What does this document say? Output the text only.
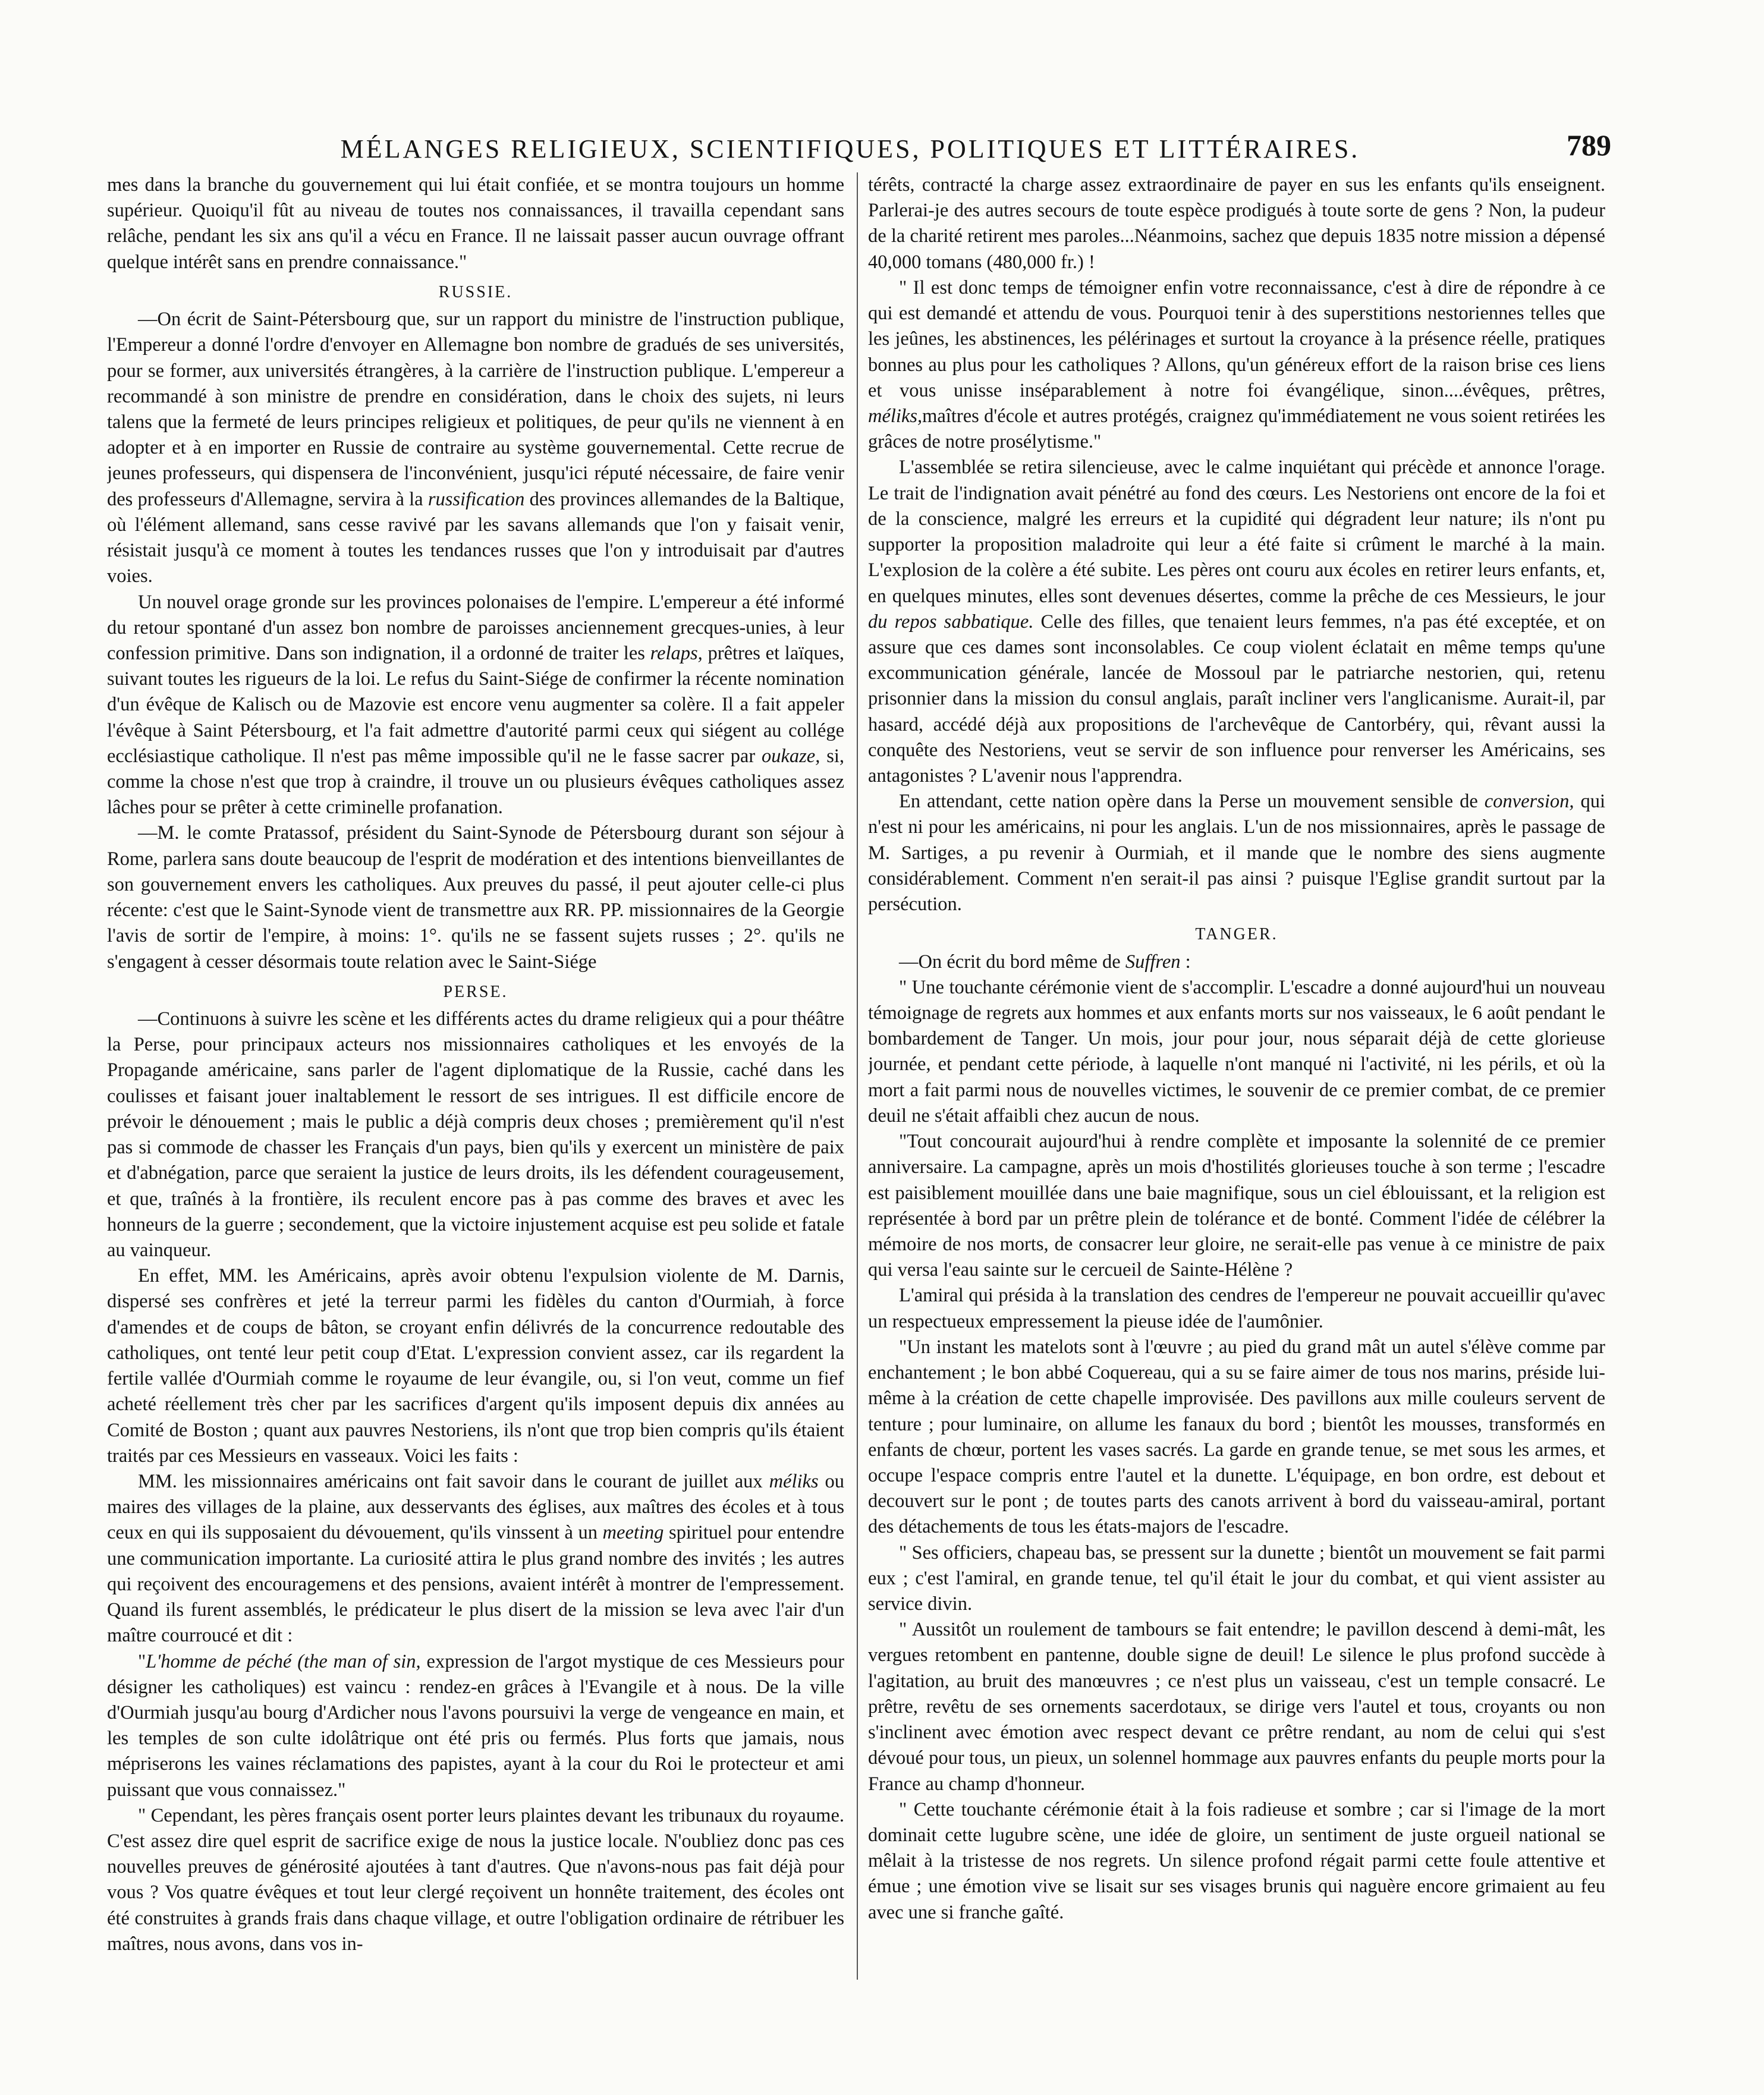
MÉLANGES RELIGIEUX, SCIENTIFIQUES, POLITIQUES ET LITTÉRAIRES.	789

mes dans la branche du gouvernement qui lui était confiée, et se montra toujours un homme supérieur. Quoiqu'il fût au niveau de toutes nos connaissances, il travailla cependant sans relâche, pendant les six ans qu'il a vécu en France. Il ne laissait passer aucun ouvrage offrant quelque intérêt sans en prendre connaissance."

RUSSIE.

—On écrit de Saint-Pétersbourg que, sur un rapport du ministre de l'instruction publique, l'Empereur a donné l'ordre d'envoyer en Allemagne bon nombre de gradués de ses universités, pour se former, aux universités étrangères, à la carrière de l'instruction publique. L'empereur a recommandé à son ministre de prendre en considération, dans le choix des sujets, ni leurs talens que la fermeté de leurs principes religieux et politiques, de peur qu'ils ne viennent à en adopter et à en importer en Russie de contraire au système gouvernemental. Cette recrue de jeunes professeurs, qui dispensera de l'inconvénient, jusqu'ici réputé nécessaire, de faire venir des professeurs d'Allemagne, servira à la russification des provinces allemandes de la Baltique, où l'élément allemand, sans cesse ravivé par les savans allemands que l'on y faisait venir, résistait jusqu'à ce moment à toutes les tendances russes que l'on y introduisait par d'autres voies.

Un nouvel orage gronde sur les provinces polonaises de l'empire. L'empereur a été informé du retour spontané d'un assez bon nombre de paroisses anciennement grecques-unies, à leur confession primitive. Dans son indignation, il a ordonné de traiter les relaps, prêtres et laïques, suivant toutes les rigueurs de la loi. Le refus du Saint-Siége de confirmer la récente nomination d'un évêque de Kalisch ou de Mazovie est encore venu augmenter sa colère. Il a fait appeler l'évêque à Saint Pétersbourg, et l'a fait admettre d'autorité parmi ceux qui siégent au collége ecclésiastique catholique. Il n'est pas même impossible qu'il ne le fasse sacrer par oukaze, si, comme la chose n'est que trop à craindre, il trouve un ou plusieurs évêques catholiques assez lâches pour se prêter à cette criminelle profanation.

—M. le comte Pratassof, président du Saint-Synode de Pétersbourg durant son séjour à Rome, parlera sans doute beaucoup de l'esprit de modération et des intentions bienveillantes de son gouvernement envers les catholiques. Aux preuves du passé, il peut ajouter celle-ci plus récente: c'est que le Saint-Synode vient de transmettre aux RR. PP. missionnaires de la Georgie l'avis de sortir de l'empire, à moins: 1°. qu'ils ne se fassent sujets russes ; 2°. qu'ils ne s'engagent à cesser désormais toute relation avec le Saint-Siége

PERSE.

—Continuons à suivre les scène et les différents actes du drame religieux qui a pour théâtre la Perse, pour principaux acteurs nos missionnaires catholiques et les envoyés de la Propagande américaine, sans parler de l'agent diplomatique de la Russie, caché dans les coulisses et faisant jouer inaltablement le ressort de ses intrigues. Il est difficile encore de prévoir le dénouement ; mais le public a déjà compris deux choses ; premièrement qu'il n'est pas si commode de chasser les Français d'un pays, bien qu'ils y exercent un ministère de paix et d'abnégation, parce que seraient la justice de leurs droits, ils les défendent courageusement, et que, traînés à la frontière, ils reculent encore pas à pas comme des braves et avec les honneurs de la guerre ; secondement, que la victoire injustement acquise est peu solide et fatale au vainqueur.

En effet, MM. les Américains, après avoir obtenu l'expulsion violente de M. Darnis, dispersé ses confrères et jeté la terreur parmi les fidèles du canton d'Ourmiah, à force d'amendes et de coups de bâton, se croyant enfin délivrés de la concurrence redoutable des catholiques, ont tenté leur petit coup d'Etat. L'expression convient assez, car ils regardent la fertile vallée d'Ourmiah comme le royaume de leur évangile, ou, si l'on veut, comme un fief acheté réellement très cher par les sacrifices d'argent qu'ils imposent depuis dix années au Comité de Boston ; quant aux pauvres Nestoriens, ils n'ont que trop bien compris qu'ils étaient traités par ces Messieurs en vasseaux. Voici les faits :

MM. les missionnaires américains ont fait savoir dans le courant de juillet aux méliks ou maires des villages de la plaine, aux desservants des églises, aux maîtres des écoles et à tous ceux en qui ils supposaient du dévouement, qu'ils vinssent à un meeting spirituel pour entendre une communication importante. La curiosité attira le plus grand nombre des invités ; les autres qui reçoivent des encouragemens et des pensions, avaient intérêt à montrer de l'empressement. Quand ils furent assemblés, le prédicateur le plus disert de la mission se leva avec l'air d'un maître courroucé et dit :

"L'homme de péché (the man of sin, expression de l'argot mystique de ces Messieurs pour désigner les catholiques) est vaincu : rendez-en grâces à l'Evangile et à nous. De la ville d'Ourmiah jusqu'au bourg d'Ardicher nous l'avons poursuivi la verge de vengeance en main, et les temples de son culte idolâtrique ont été pris ou fermés. Plus forts que jamais, nous mépriserons les vaines réclamations des papistes, ayant à la cour du Roi le protecteur et ami puissant que vous connaissez."

" Cependant, les pères français osent porter leurs plaintes devant les tribunaux du royaume. C'est assez dire quel esprit de sacrifice exige de nous la justice locale. N'oubliez donc pas ces nouvelles preuves de générosité ajoutées à tant d'autres. Que n'avons-nous pas fait déjà pour vous ? Vos quatre évêques et tout leur clergé reçoivent un honnête traitement, des écoles ont été construites à grands frais dans chaque village, et outre l'obligation ordinaire de rétribuer les maîtres, nous avons, dans vos in-

térêts, contracté la charge assez extraordinaire de payer en sus les enfants qu'ils enseignent. Parlerai-je des autres secours de toute espèce prodigués à toute sorte de gens ? Non, la pudeur de la charité retirent mes paroles...Néanmoins, sachez que depuis 1835 notre mission a dépensé 40,000 tomans (480,000 fr.) !

" Il est donc temps de témoigner enfin votre reconnaissance, c'est à dire de répondre à ce qui est demandé et attendu de vous. Pourquoi tenir à des superstitions nestoriennes telles que les jeûnes, les abstinences, les pélérinages et surtout la croyance à la présence réelle, pratiques bonnes au plus pour les catholiques ? Allons, qu'un généreux effort de la raison brise ces liens et vous unisse inséparablement à notre foi évangélique, sinon....évêques, prêtres, méliks,maîtres d'école et autres protégés, craignez qu'immédiatement ne vous soient retirées les grâces de notre prosélytisme."

L'assemblée se retira silencieuse, avec le calme inquiétant qui précède et annonce l'orage. Le trait de l'indignation avait pénétré au fond des cœurs. Les Nestoriens ont encore de la foi et de la conscience, malgré les erreurs et la cupidité qui dégradent leur nature; ils n'ont pu supporter la proposition maladroite qui leur a été faite si crûment le marché à la main. L'explosion de la colère a été subite. Les pères ont couru aux écoles en retirer leurs enfants, et, en quelques minutes, elles sont devenues désertes, comme la prêche de ces Messieurs, le jour du repos sabbatique. Celle des filles, que tenaient leurs femmes, n'a pas été exceptée, et on assure que ces dames sont inconsolables. Ce coup violent éclatait en même temps qu'une excommunication générale, lancée de Mossoul par le patriarche nestorien, qui, retenu prisonnier dans la mission du consul anglais, paraît incliner vers l'anglicanisme. Aurait-il, par hasard, accédé déjà aux propositions de l'archevêque de Cantorbéry, qui, rêvant aussi la conquête des Nestoriens, veut se servir de son influence pour renverser les Américains, ses antagonistes ? L'avenir nous l'apprendra.

En attendant, cette nation opère dans la Perse un mouvement sensible de conversion, qui n'est ni pour les américains, ni pour les anglais. L'un de nos missionnaires, après le passage de M. Sartiges, a pu revenir à Ourmiah, et il mande que le nombre des siens augmente considérablement. Comment n'en serait-il pas ainsi ? puisque l'Eglise grandit surtout par la persécution.

TANGER.

—On écrit du bord même de Suffren :

" Une touchante cérémonie vient de s'accomplir. L'escadre a donné aujourd'hui un nouveau témoignage de regrets aux hommes et aux enfants morts sur nos vaisseaux, le 6 août pendant le bombardement de Tanger. Un mois, jour pour jour, nous séparait déjà de cette glorieuse journée, et pendant cette période, à laquelle n'ont manqué ni l'activité, ni les périls, et où la mort a fait parmi nous de nouvelles victimes, le souvenir de ce premier combat, de ce premier deuil ne s'était affaibli chez aucun de nous.

"Tout concourait aujourd'hui à rendre complète et imposante la solennité de ce premier anniversaire. La campagne, après un mois d'hostilités glorieuses touche à son terme ; l'escadre est paisiblement mouillée dans une baie magnifique, sous un ciel éblouissant, et la religion est représentée à bord par un prêtre plein de tolérance et de bonté. Comment l'idée de célébrer la mémoire de nos morts, de consacrer leur gloire, ne serait-elle pas venue à ce ministre de paix qui versa l'eau sainte sur le cercueil de Sainte-Hélène ?

L'amiral qui présida à la translation des cendres de l'empereur ne pouvait accueillir qu'avec un respectueux empressement la pieuse idée de l'aumônier.

"Un instant les matelots sont à l'œuvre ; au pied du grand mât un autel s'élève comme par enchantement ; le bon abbé Coquereau, qui a su se faire aimer de tous nos marins, préside lui-même à la création de cette chapelle improvisée. Des pavillons aux mille couleurs servent de tenture ; pour luminaire, on allume les fanaux du bord ; bientôt les mousses, transformés en enfants de chœur, portent les vases sacrés. La garde en grande tenue, se met sous les armes, et occupe l'espace compris entre l'autel et la dunette. L'équipage, en bon ordre, est debout et decouvert sur le pont ; de toutes parts des canots arrivent à bord du vaisseau-amiral, portant des détachements de tous les états-majors de l'escadre.

" Ses officiers, chapeau bas, se pressent sur la dunette ; bientôt un mouvement se fait parmi eux ; c'est l'amiral, en grande tenue, tel qu'il était le jour du combat, et qui vient assister au service divin.

" Aussitôt un roulement de tambours se fait entendre; le pavillon descend à demi-mât, les vergues retombent en pantenne, double signe de deuil! Le silence le plus profond succède à l'agitation, au bruit des manœuvres ; ce n'est plus un vaisseau, c'est un temple consacré. Le prêtre, revêtu de ses ornements sacerdotaux, se dirige vers l'autel et tous, croyants ou non s'inclinent avec émotion avec respect devant ce prêtre rendant, au nom de celui qui s'est dévoué pour tous, un pieux, un solennel hommage aux pauvres enfants du peuple morts pour la France au champ d'honneur.

" Cette touchante cérémonie était à la fois radieuse et sombre ; car si l'image de la mort dominait cette lugubre scène, une idée de gloire, un sentiment de juste orgueil national se mêlait à la tristesse de nos regrets. Un silence profond régait parmi cette foule attentive et émue ; une émotion vive se lisait sur ses visages brunis qui naguère encore grimaient au feu avec une si franche gaîté.
